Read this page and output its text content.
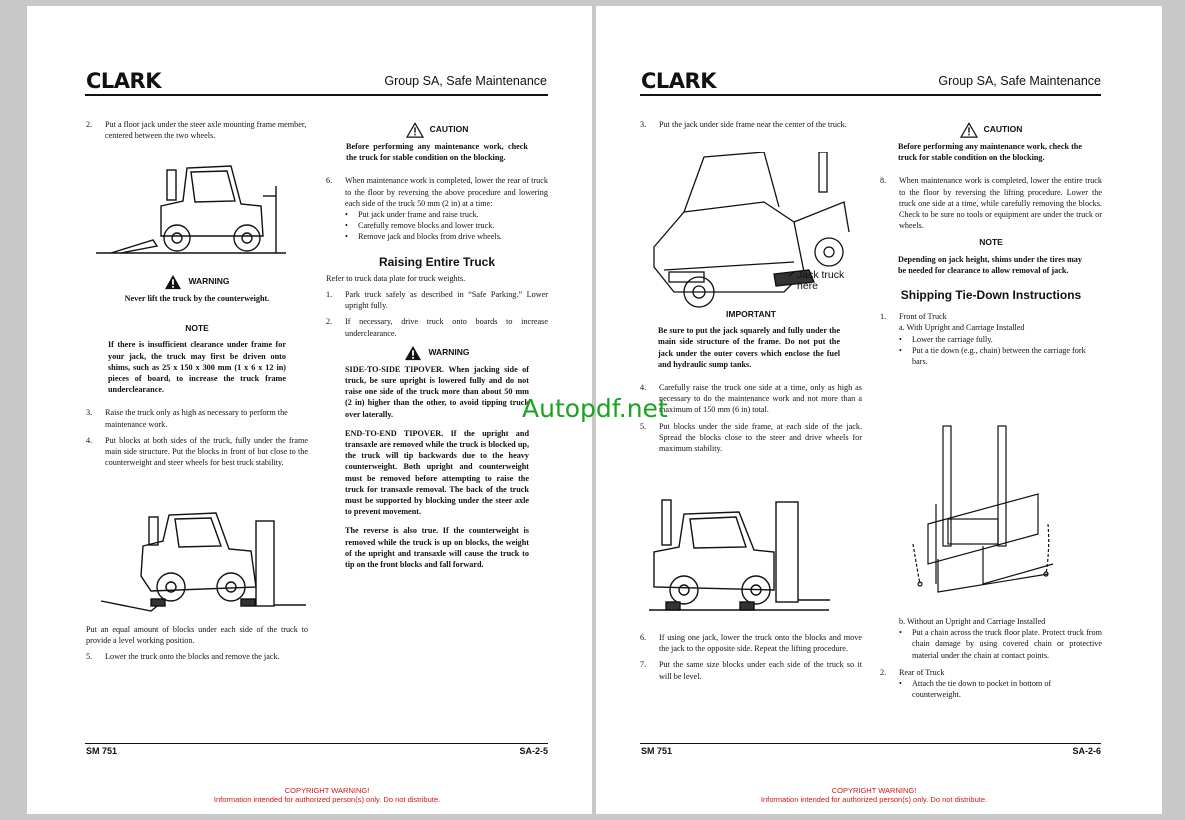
CLARK	Group SA, Safe Maintenance
2.	Put a floor jack under the steer axle mounting frame member, centered between the two wheels.
WARNING

Never lift the truck by the counterweight.

NOTE

If there is insufficient clearance under frame for your jack, the truck may first be driven onto shims, such as 25 x 150 x 300 mm (1 x 6 x 12 in) pieces of board, to increase the truck frame underclearance.

3.	Raise the truck only as high as necessary to perform the maintenance work.
4.	Put blocks at both sides of the truck, fully under the frame main side structure. Put the blocks in front of but close to the counterweight and steer wheels for best truck stability.

Put an equal amount of blocks under each side of the truck to provide a level working position.

5.	Lower the truck onto the blocks and remove the jack.
CAUTION

Before performing any maintenance work, check the truck for stable condition on the blocking.

6.	When maintenance work is completed, lower the rear of truck to the floor by reversing the above procedure and lowering each side of the truck 50 mm (2 in) at a time:
• Put jack under frame and raise truck.
• Carefully remove blocks and lower truck.
• Remove jack and blocks from drive wheels.

Raising Entire Truck

Refer to truck data plate for truck weights.

1.	Park truck safely as described in “Safe Parking.” Lower upright fully.
2.	If necessary, drive truck onto boards to increase underclearance.
WARNING

SIDE-TO-SIDE TIPOVER. When jacking side of truck, be sure upright is lowered fully and do not raise one side of the truck more than about 50 mm (2 in) higher than the other, to avoid tipping truck over laterally.

END-TO-END TIPOVER. If the upright and transaxle are removed while the truck is blocked up, the truck will tip backwards due to the heavy counterweight. Both upright and counterweight must be removed before attempting to raise the truck for transaxle removal. The back of the truck must be supported by blocking under the steer axle to prevent movement.

The reverse is also true. If the counterweight is removed while the truck is up on blocks, the weight of the upright and transaxle will cause the truck to tip on the front blocks and fall forward.

SM 751	SA-2-5
COPYRIGHT WARNING!
Information intended for authorized person(s) only. Do not distribute.
CLARK	Group SA, Safe Maintenance
3.	Put the jack under side frame near the center of the truck.
Jack truck here

IMPORTANT

Be sure to put the jack squarely and fully under the main side structure of the frame. Do not put the jack under the outer covers which enclose the fuel and hydraulic sump tanks.

4.	Carefully raise the truck one side at a time, only as high as necessary to do the maintenance work and not more than a maximum of 150 mm (6 in) total.
5.	Put blocks under the side frame, at each side of the jack. Spread the blocks close to the steer and drive wheels for maximum stability.
6.	If using one jack, lower the truck onto the blocks and move the jack to the opposite side. Repeat the lifting procedure.
7.	Put the same size blocks under each side of the truck so it will be level.
CAUTION

Before performing any maintenance work, check the truck for stable condition on the blocking.

8.	When maintenance work is completed, lower the entire truck to the floor by reversing the lifting procedure. Lower the truck one side at a time, while carefully removing the blocks. Check to be sure no tools or equipment are under the truck or wheels.

NOTE

Depending on jack height, shims under the tires may be needed for clearance to allow removal of jack.

Shipping Tie-Down Instructions

1.	Front of Truck

a. With Upright and Carriage Installed

• Lower the carriage fully.
• Put a tie down (e.g., chain) between the carriage fork bars.

b. Without an Upright and Carriage Installed

• Put a chain across the truck floor plate. Protect truck from chain damage by using covered chain or protective material under the chain at contact points.
2.	Rear of Truck
• Attach the tie down to pocket in bottom of counterweight.
SM 751	SA-2-6
COPYRIGHT WARNING!
Information intended for authorized person(s) only. Do not distribute.
Autopdf.net
